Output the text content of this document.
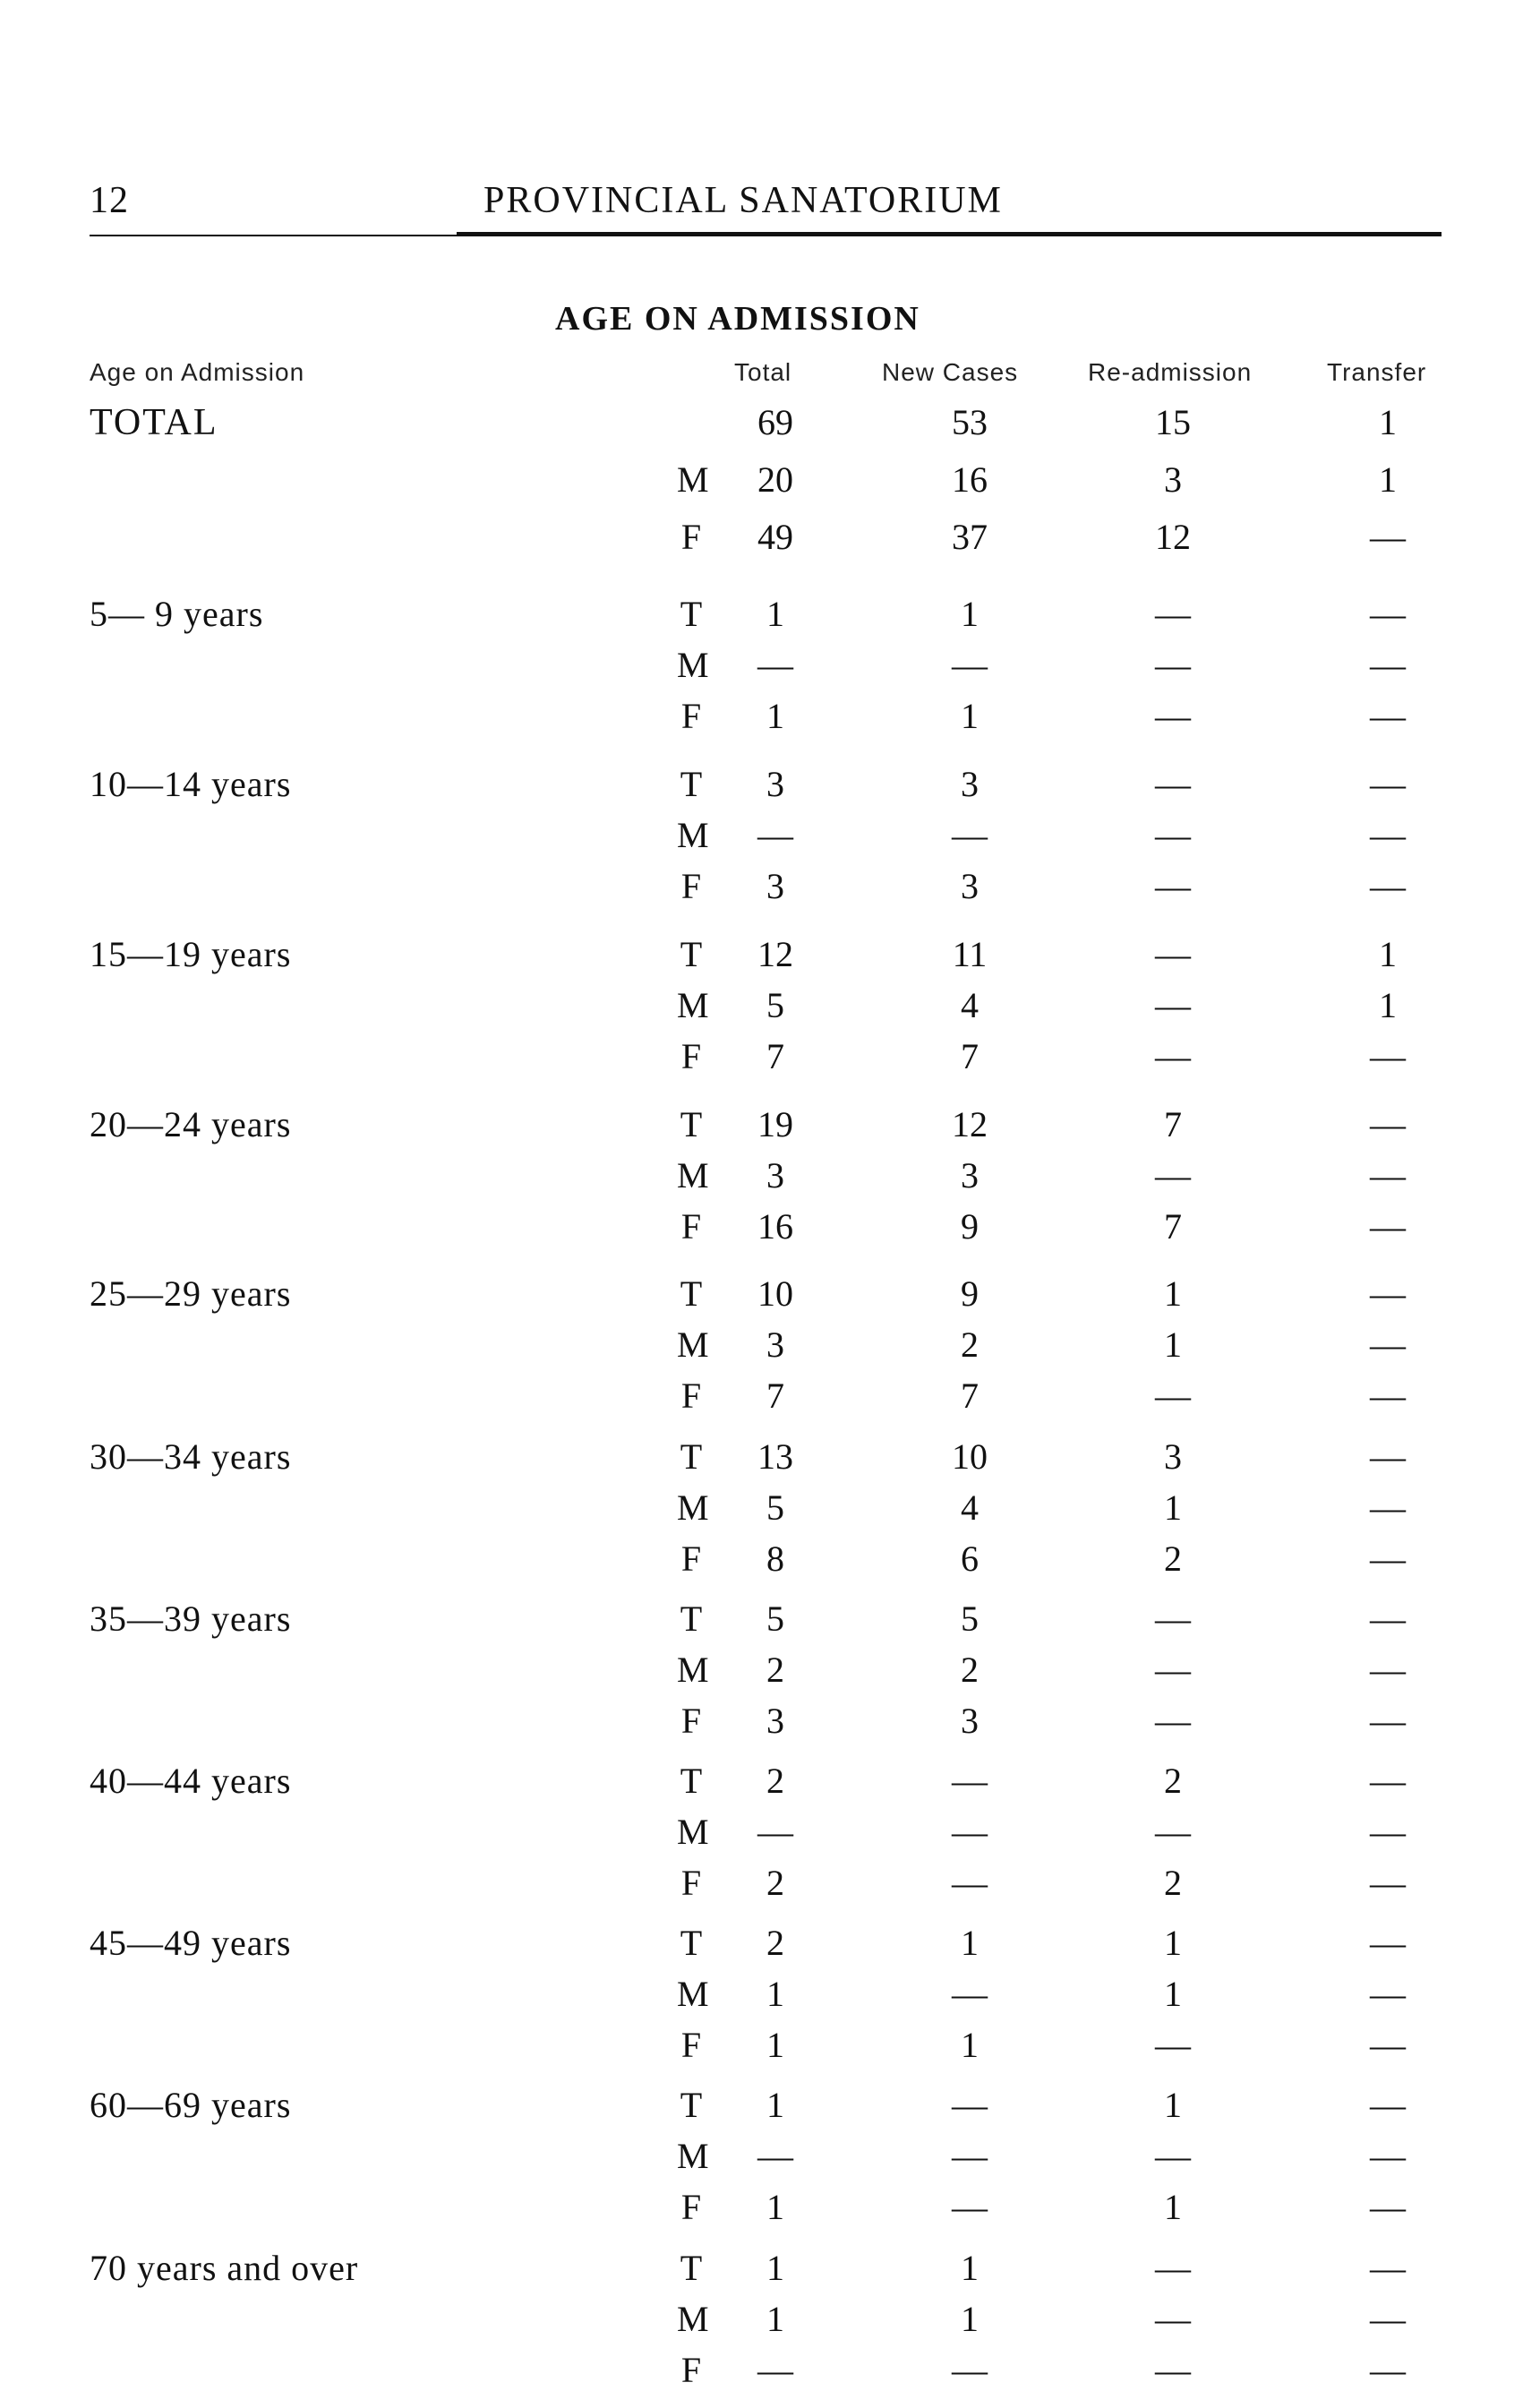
12	PROVINCIAL SANATORIUM
AGE ON ADMISSION
Age on Admission	Total	New Cases	Re-admission	Transfer
TOTAL	69	53	15	1
M	20	16	3	1
F	49	37	12	—
5— 9 years	T	1	1	—	—
M	—	—	—	—
F	1	1	—	—
10—14 years	T	3	3	—	—
M	—	—	—	—
F	3	3	—	—
15—19 years	T	12	11	—	1
M	5	4	—	1
F	7	7	—	—
20—24 years	T	19	12	7	—
M	3	3	—	—
F	16	9	7	—
25—29 years	T	10	9	1	—
M	3	2	1	—
F	7	7	—	—
30—34 years	T	13	10	3	—
M	5	4	1	—
F	8	6	2	—
35—39 years	T	5	5	—	—
M	2	2	—	—
F	3	3	—	—
40—44 years	T	2	—	2	—
M	—	—	—	—
F	2	—	2	—
45—49 years	T	2	1	1	—
M	1	—	1	—
F	1	1	—	—
60—69 years	T	1	—	1	—
M	—	—	—	—
F	1	—	1	—
70 years and over	T	1	1	—	—
M	1	1	—	—
F	—	—	—	—
